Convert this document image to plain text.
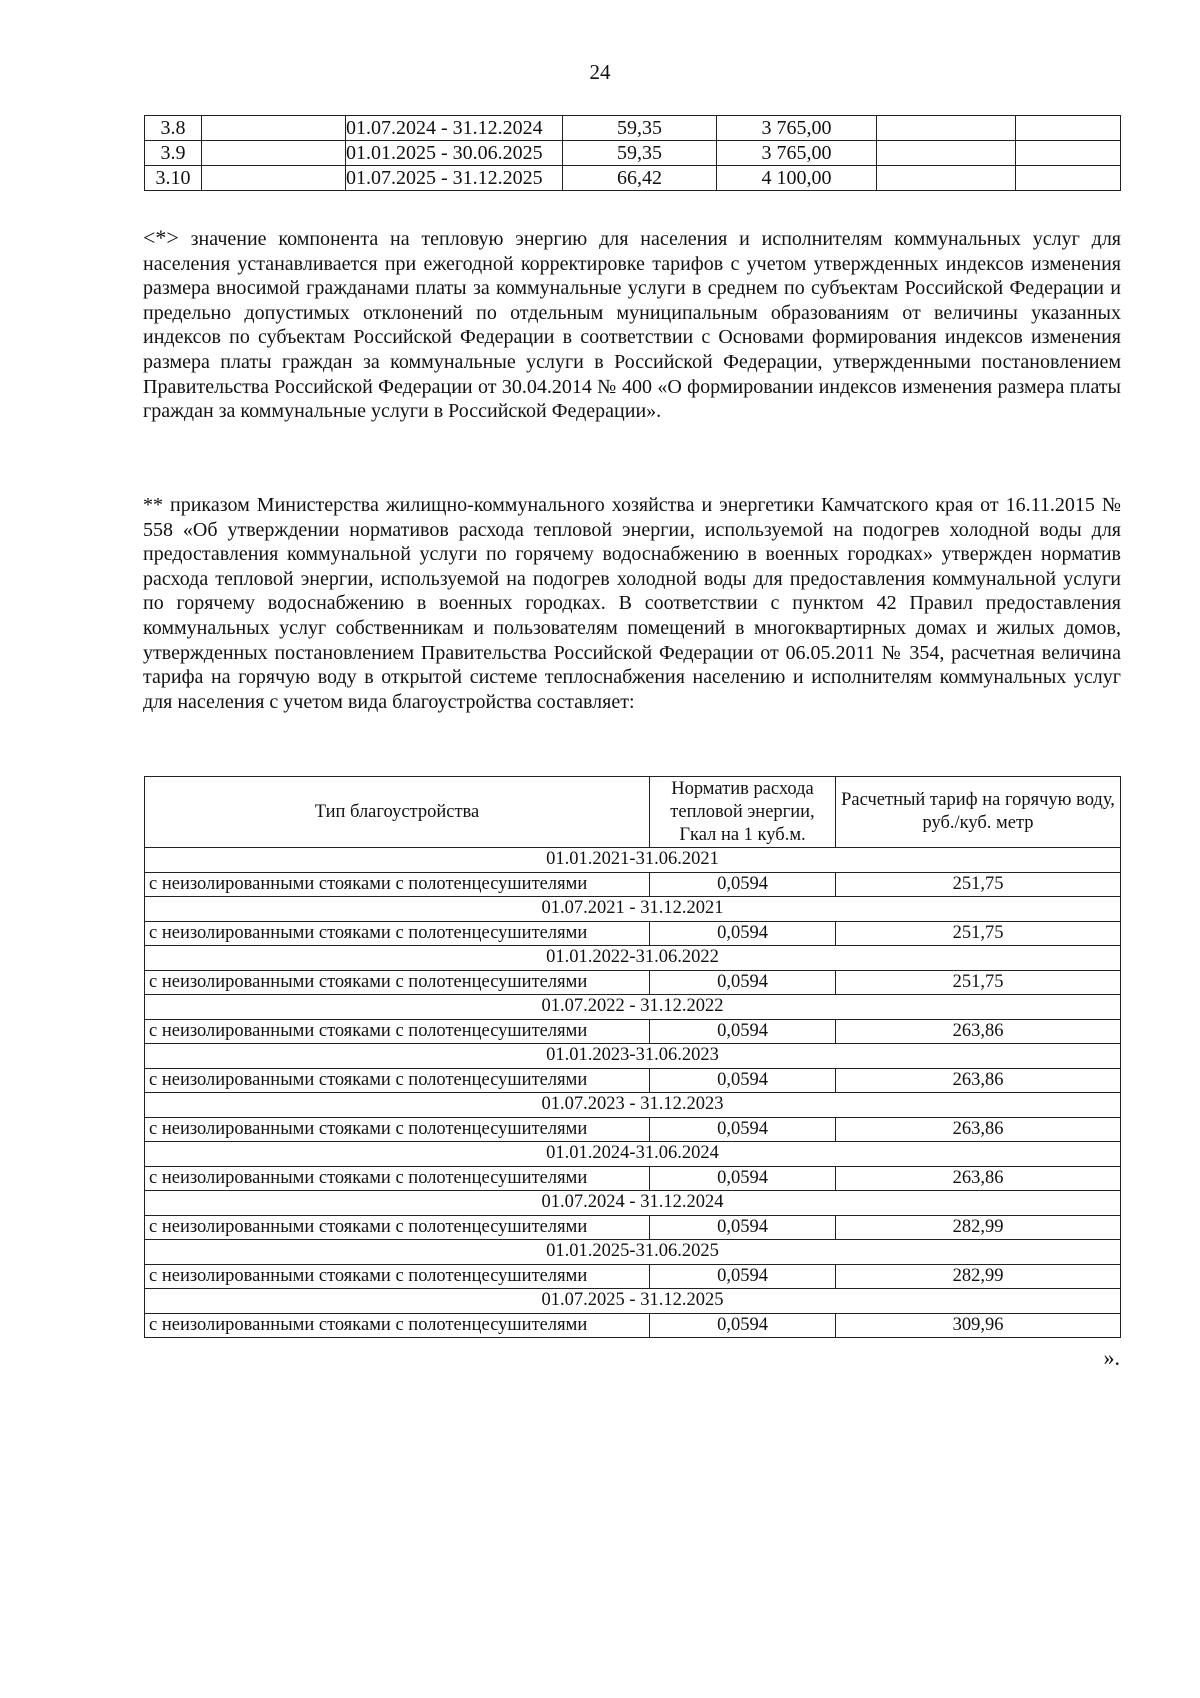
24
3.8		01.07.2024 - 31.12.2024	59,35	3 765,00		
3.9		01.01.2025 - 30.06.2025	59,35	3 765,00		
3.10		01.07.2025 - 31.12.2025	66,42	4 100,00		
<*> значение компонента на тепловую энергию для населения и исполнителям коммунальных услуг для населения устанавливается при ежегодной корректировке тарифов с учетом утвержденных индексов изменения размера вносимой гражданами платы за коммунальные услуги в среднем по субъектам Российской Федерации и предельно допустимых отклонений по отдельным муниципальным образованиям от величины указанных индексов по субъектам Российской Федерации в соответствии с Основами формирования индексов изменения размера платы граждан за коммунальные услуги в Российской Федерации, утвержденными постановлением Правительства Российской Федерации от 30.04.2014 № 400 «О формировании индексов изменения размера платы граждан за коммунальные услуги в Российской Федерации».
** приказом Министерства жилищно-коммунального хозяйства и энергетики Камчатского края от 16.11.2015 № 558 «Об утверждении нормативов расхода тепловой энергии, используемой на подогрев холодной воды для предоставления коммунальной услуги по горячему водоснабжению в военных городках» утвержден норматив расхода тепловой энергии, используемой на подогрев холодной воды для предоставления коммунальной услуги по горячему водоснабжению в военных городках. В соответствии с пунктом 42 Правил предоставления коммунальных услуг собственникам и пользователям помещений в многоквартирных домах и жилых домов, утвержденных постановлением Правительства Российской Федерации от 06.05.2011 № 354, расчетная величина тарифа на горячую воду в открытой системе теплоснабжения населению и исполнителям коммунальных услуг для населения с учетом вида благоустройства составляет:
Тип благоустройства	Норматив расхода тепловой энергии, Гкал на 1 куб.м.	Расчетный тариф на горячую воду, руб./куб. метр
01.01.2021-31.06.2021		
с неизолированными стояками с полотенцесушителями	0,0594	251,75
01.07.2021 - 31.12.2021		
с неизолированными стояками с полотенцесушителями	0,0594	251,75
01.01.2022-31.06.2022		
с неизолированными стояками с полотенцесушителями	0,0594	251,75
01.07.2022 - 31.12.2022		
с неизолированными стояками с полотенцесушителями	0,0594	263,86
01.01.2023-31.06.2023		
с неизолированными стояками с полотенцесушителями	0,0594	263,86
01.07.2023 - 31.12.2023		
с неизолированными стояками с полотенцесушителями	0,0594	263,86
01.01.2024-31.06.2024		
с неизолированными стояками с полотенцесушителями	0,0594	263,86
01.07.2024 - 31.12.2024		
с неизолированными стояками с полотенцесушителями	0,0594	282,99
01.01.2025-31.06.2025		
с неизолированными стояками с полотенцесушителями	0,0594	282,99
01.07.2025 - 31.12.2025		
с неизолированными стояками с полотенцесушителями	0,0594	309,96
».
